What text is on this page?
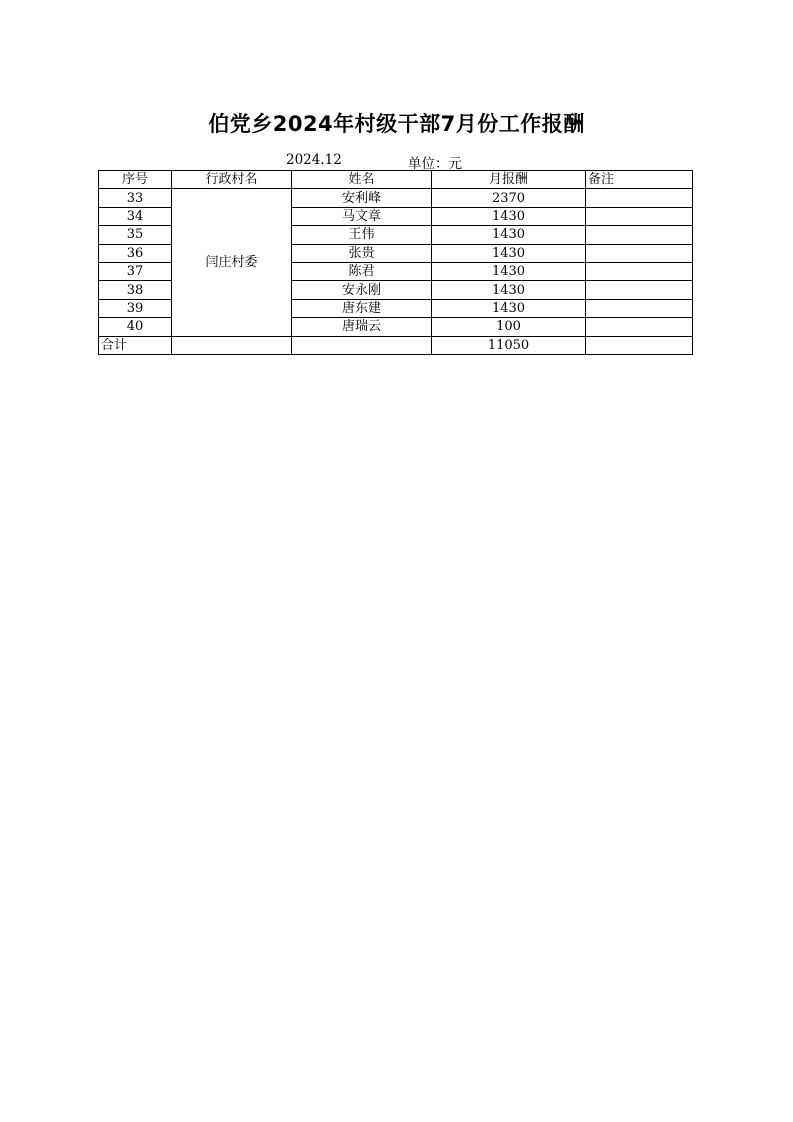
伯党乡2024年村级干部7月份工作报酬
2024.12	单位：元
序号	行政村名	姓名	月报酬	备注
33	闫庄村委	安利峰	2370	
34		马文章	1430	
35		王伟	1430	
36		张贵	1430	
37		陈君	1430	
38		安永刚	1430	
39		唐东建	1430	
40		唐瑞云	100	
合计			11050	
